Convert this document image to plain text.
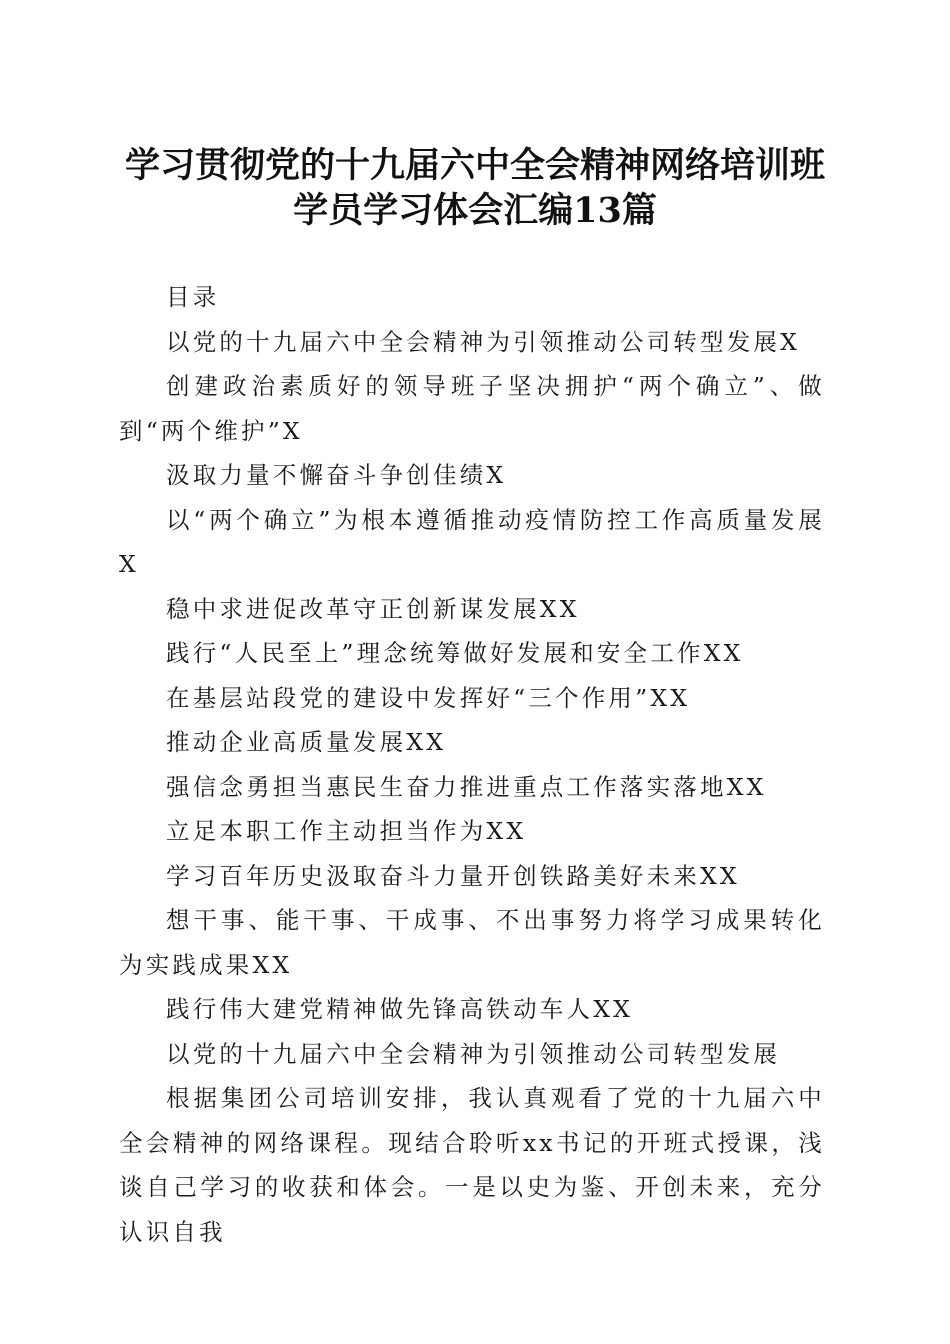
学习贯彻党的十九届六中全会精神网络培训班
学员学习体会汇编13篇

目录

以党的十九届六中全会精神为引领推动公司转型发展X

创建政治素质好的领导班子坚决拥护“两个确立”、做到“两个维护”X

汲取力量不懈奋斗争创佳绩X

以“两个确立”为根本遵循推动疫情防控工作高质量发展X

稳中求进促改革守正创新谋发展XX

践行“人民至上”理念统筹做好发展和安全工作XX

在基层站段党的建设中发挥好“三个作用”XX

推动企业高质量发展XX

强信念勇担当惠民生奋力推进重点工作落实落地XX

立足本职工作主动担当作为XX

学习百年历史汲取奋斗力量开创铁路美好未来XX

想干事、能干事、干成事、不出事努力将学习成果转化为实践成果XX

践行伟大建党精神做先锋高铁动车人XX

以党的十九届六中全会精神为引领推动公司转型发展

根据集团公司培训安排，我认真观看了党的十九届六中全会精神的网络课程。现结合聆听xx书记的开班式授课，浅谈自己学习的收获和体会。一是以史为鉴、开创未来，充分认识自我
